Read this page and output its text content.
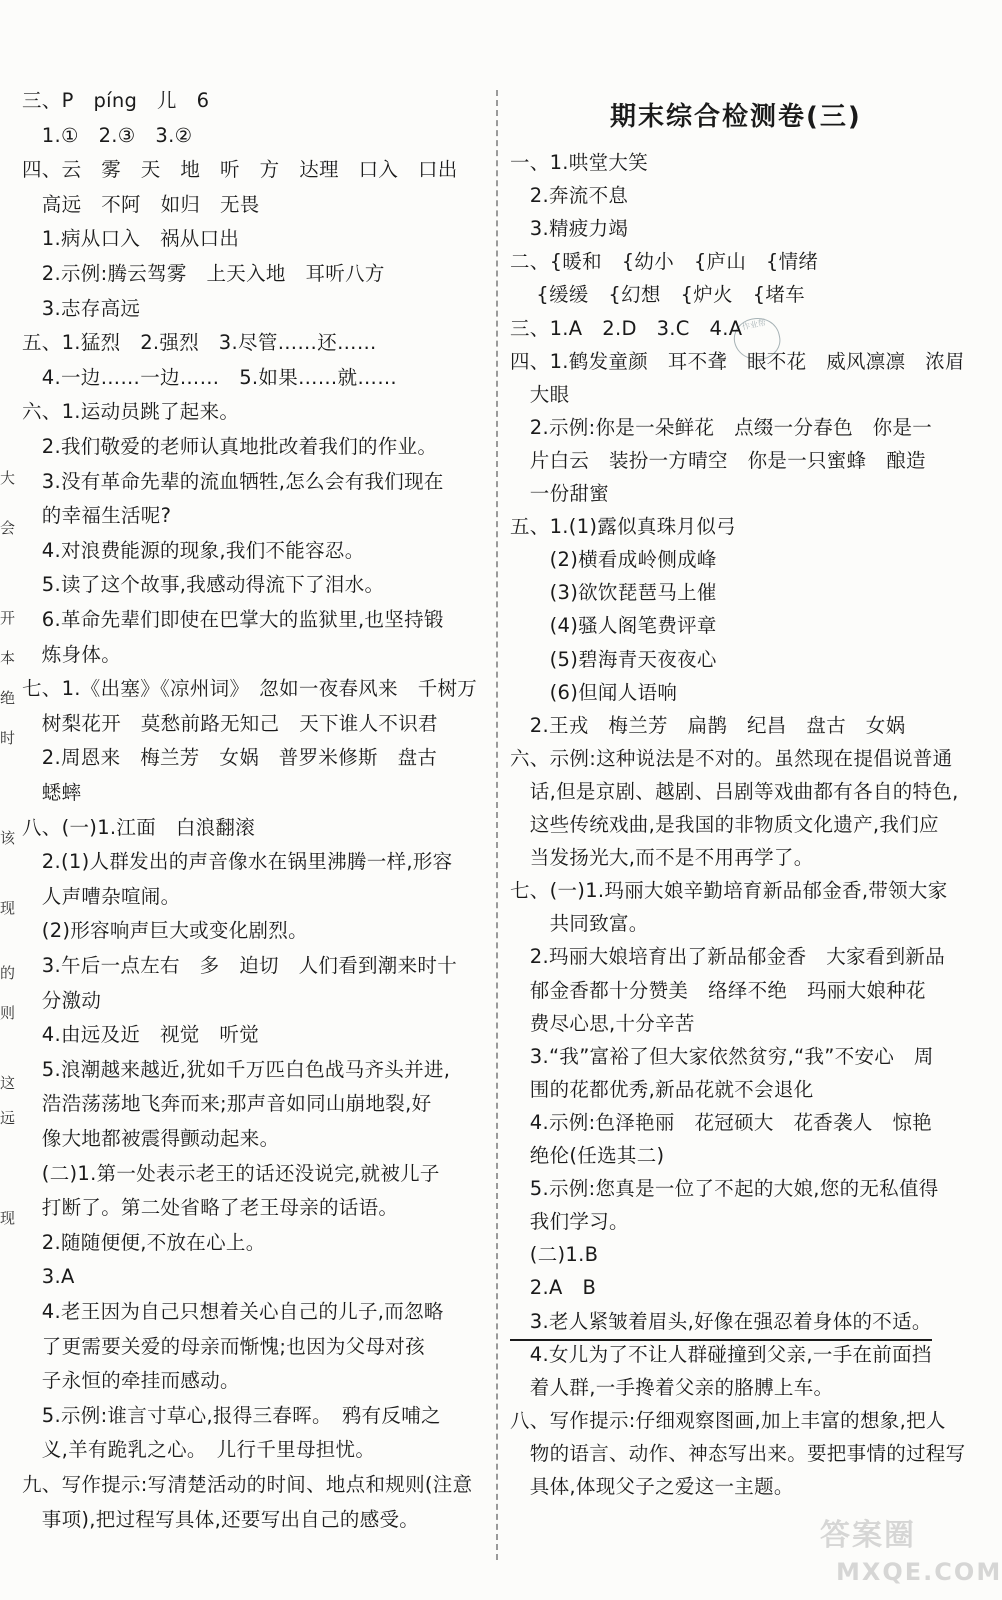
大
会
开
本
绝
时
该
现
的
则
这
远
现
三、P　píng　儿　6
　1.①　2.③　3.②
四、云　雾　天　地　听　方　达理　口入　口出
　高远　不阿　如归　无畏
　1.病从口入　祸从口出
　2.示例:腾云驾雾　上天入地　耳听八方
　3.志存高远
五、1.猛烈　2.强烈　3.尽管……还……
　4.一边……一边……　5.如果……就……
六、1.运动员跳了起来。
　2.我们敬爱的老师认真地批改着我们的作业。
　3.没有革命先辈的流血牺牲,怎么会有我们现在
　的幸福生活呢?
　4.对浪费能源的现象,我们不能容忍。
　5.读了这个故事,我感动得流下了泪水。
　6.革命先辈们即使在巴掌大的监狱里,也坚持锻
　炼身体。
七、1.《出塞》《凉州词》　忽如一夜春风来　千树万
　树梨花开　莫愁前路无知己　天下谁人不识君
　2.周恩来　梅兰芳　女娲　普罗米修斯　盘古
　蟋蟀
八、(一)1.江面　白浪翻滚
　2.(1)人群发出的声音像水在锅里沸腾一样,形容
　人声嘈杂喧闹。
　(2)形容响声巨大或变化剧烈。
　3.午后一点左右　多　迫切　人们看到潮来时十
　分激动
　4.由远及近　视觉　听觉
　5.浪潮越来越近,犹如千万匹白色战马齐头并进,
　浩浩荡荡地飞奔而来;那声音如同山崩地裂,好
　像大地都被震得颤动起来。
　(二)1.第一处表示老王的话还没说完,就被儿子
　打断了。第二处省略了老王母亲的话语。
　2.随随便便,不放在心上。
　3.A
　4.老王因为自己只想着关心自己的儿子,而忽略
　了更需要关爱的母亲而惭愧;也因为父母对孩
　子永恒的牵挂而感动。
　5.示例:谁言寸草心,报得三春晖。　鸦有反哺之
　义,羊有跪乳之心。　儿行千里母担忧。
九、写作提示:写清楚活动的时间、地点和规则(注意
　事项),把过程写具体,还要写出自己的感受。
期末综合检测卷(三)
作业帮
一、1.哄堂大笑
　2.奔流不息
　3.精疲力竭
二、{暖和　{幼小　{庐山　{情绪
　 {缓缓　{幻想　{炉火　{堵车
三、1.A　2.D　3.C　4.A
四、1.鹤发童颜　耳不聋　眼不花　威风凛凛　浓眉
　大眼
　2.示例:你是一朵鲜花　点缀一分春色　你是一
　片白云　装扮一方晴空　你是一只蜜蜂　酿造
　一份甜蜜
五、1.(1)露似真珠月似弓
　　(2)横看成岭侧成峰
　　(3)欲饮琵琶马上催
　　(4)骚人阁笔费评章
　　(5)碧海青天夜夜心
　　(6)但闻人语响
　2.王戎　梅兰芳　扁鹊　纪昌　盘古　女娲
六、示例:这种说法是不对的。虽然现在提倡说普通
　话,但是京剧、越剧、吕剧等戏曲都有各自的特色,
　这些传统戏曲,是我国的非物质文化遗产,我们应
　当发扬光大,而不是不用再学了。
七、(一)1.玛丽大娘辛勤培育新品郁金香,带领大家
　　共同致富。
　2.玛丽大娘培育出了新品郁金香　大家看到新品
　郁金香都十分赞美　络绎不绝　玛丽大娘种花
　费尽心思,十分辛苦
　3.“我”富裕了但大家依然贫穷,“我”不安心　周
　围的花都优秀,新品花就不会退化
　4.示例:色泽艳丽　花冠硕大　花香袭人　惊艳
　绝伦(任选其二)
　5.示例:您真是一位了不起的大娘,您的无私值得
　我们学习。
　(二)1.B
　2.A　B
　3.老人紧皱着眉头,好像在强忍着身体的不适。
　4.女儿为了不让人群碰撞到父亲,一手在前面挡
　着人群,一手搀着父亲的胳膊上车。
八、写作提示:仔细观察图画,加上丰富的想象,把人
　物的语言、动作、神态写出来。要把事情的过程写
　具体,体现父子之爱这一主题。
答案圈
MXQE.COM
